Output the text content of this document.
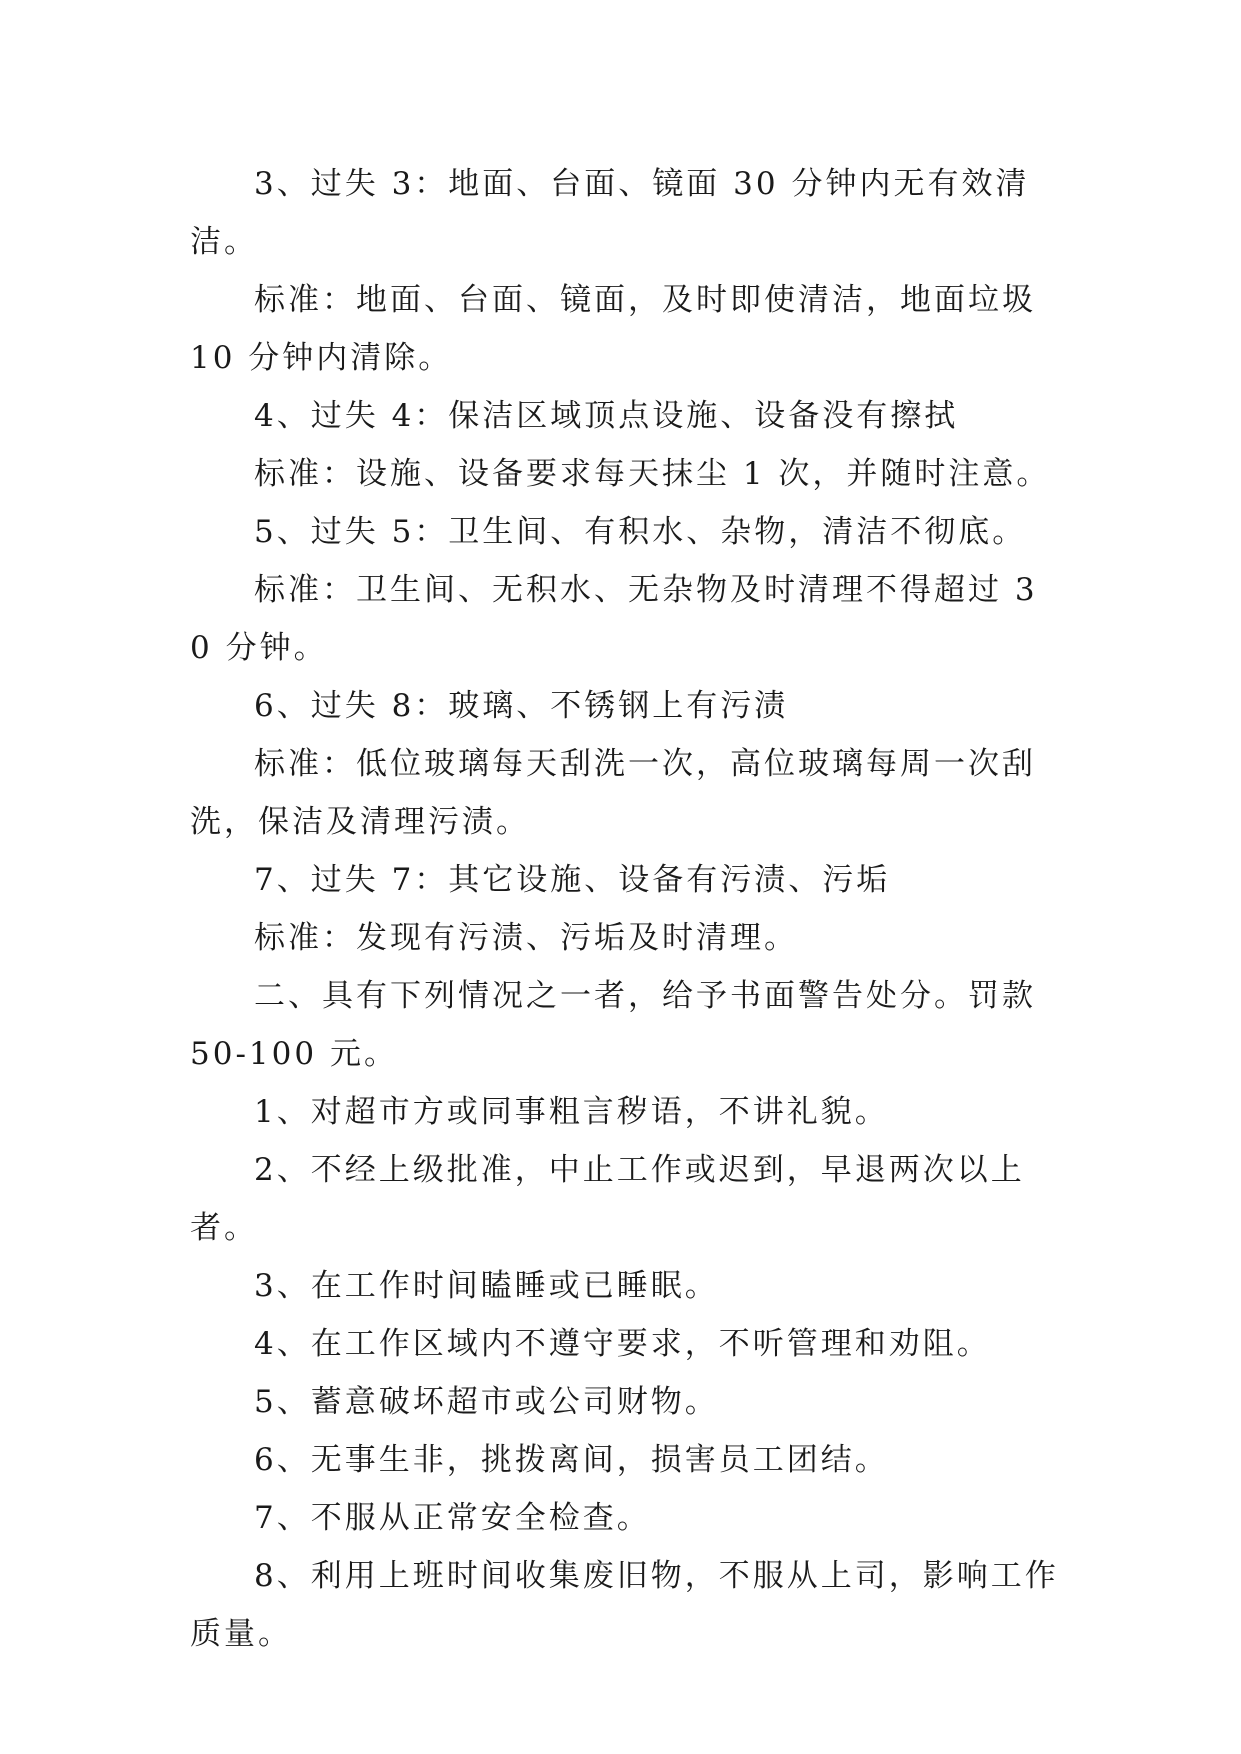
3、过失 3：地面、台面、镜面 30 分钟内无有效清洁。

标准：地面、台面、镜面，及时即使清洁，地面垃圾 10 分钟内清除。

4、过失 4：保洁区域顶点设施、设备没有擦拭

标准：设施、设备要求每天抹尘 1 次，并随时注意。

5、过失 5：卫生间、有积水、杂物，清洁不彻底。

标准：卫生间、无积水、无杂物及时清理不得超过 30 分钟。

6、过失 8：玻璃、不锈钢上有污渍

标准：低位玻璃每天刮洗一次，高位玻璃每周一次刮洗，保洁及清理污渍。

7、过失 7：其它设施、设备有污渍、污垢

标准：发现有污渍、污垢及时清理。

二、具有下列情况之一者，给予书面警告处分。罚款 50-100 元。

1、对超市方或同事粗言秽语，不讲礼貌。

2、不经上级批准，中止工作或迟到，早退两次以上者。

3、在工作时间瞌睡或已睡眠。

4、在工作区域内不遵守要求，不听管理和劝阻。

5、蓄意破坏超市或公司财物。

6、无事生非，挑拨离间，损害员工团结。

7、不服从正常安全检查。

8、利用上班时间收集废旧物，不服从上司，影响工作质量。
